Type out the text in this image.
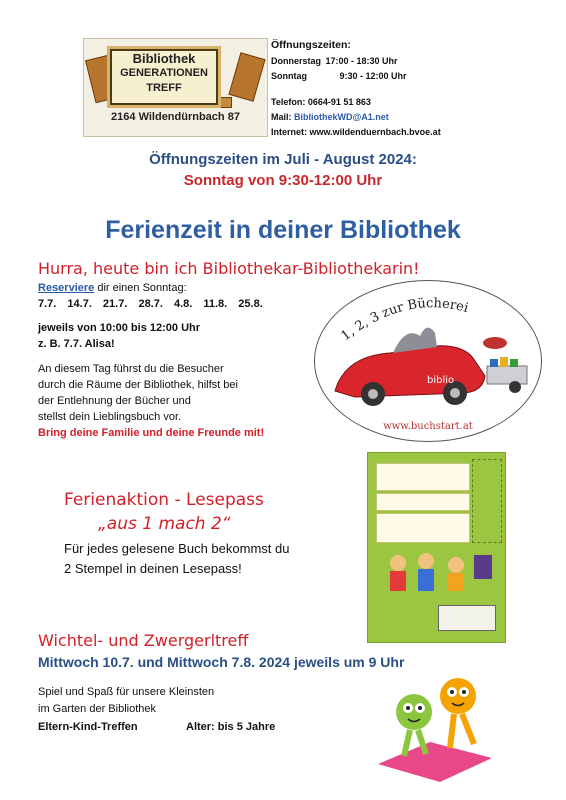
Bibliothek
GENERATIONEN
TREFF
2164 Wildendürnbach 87
Öffnungszeiten:
Donnerstag 17:00 - 18:30 Uhr
Sonntag	9:30 - 12:00 Uhr
Telefon: 0664-91 51 863
Mail: BibliothekWD@A1.net
Internet: www.wildenduernbach.bvoe.at
Öffnungszeiten im Juli - August 2024:
Sonntag von 9:30-12:00 Uhr
Ferienzeit in deiner Bibliothek
Hurra, heute bin ich Bibliothekar-Bibliothekarin!
Reserviere dir einen Sonntag:
7.7. 14.7. 21.7. 28.7. 4.8. 11.8. 25.8.
jeweils von 10:00 bis 12:00 Uhr
z. B. 7.7. Alisa!
An diesem Tag führst du die Besucher
durch die Räume der Bibliothek, hilfst bei
der Entlehnung der Bücher und
stellst dein Lieblingsbuch vor.
Bring deine Familie und deine Freunde mit!
1, 2, 3 zur Bücherei
biblio
www.buchstart.at
Ferienaktion - Lesepass
„aus 1 mach 2“
Für jedes gelesene Buch bekommst du
2 Stempel in deinen Lesepass!
Wichtel- und Zwergerltreff
Mittwoch 10.7. und Mittwoch 7.8. 2024 jeweils um 9 Uhr
Spiel und Spaß für unsere Kleinsten
im Garten der Bibliothek
Eltern-Kind-Treffen	Alter: bis 5 Jahre
